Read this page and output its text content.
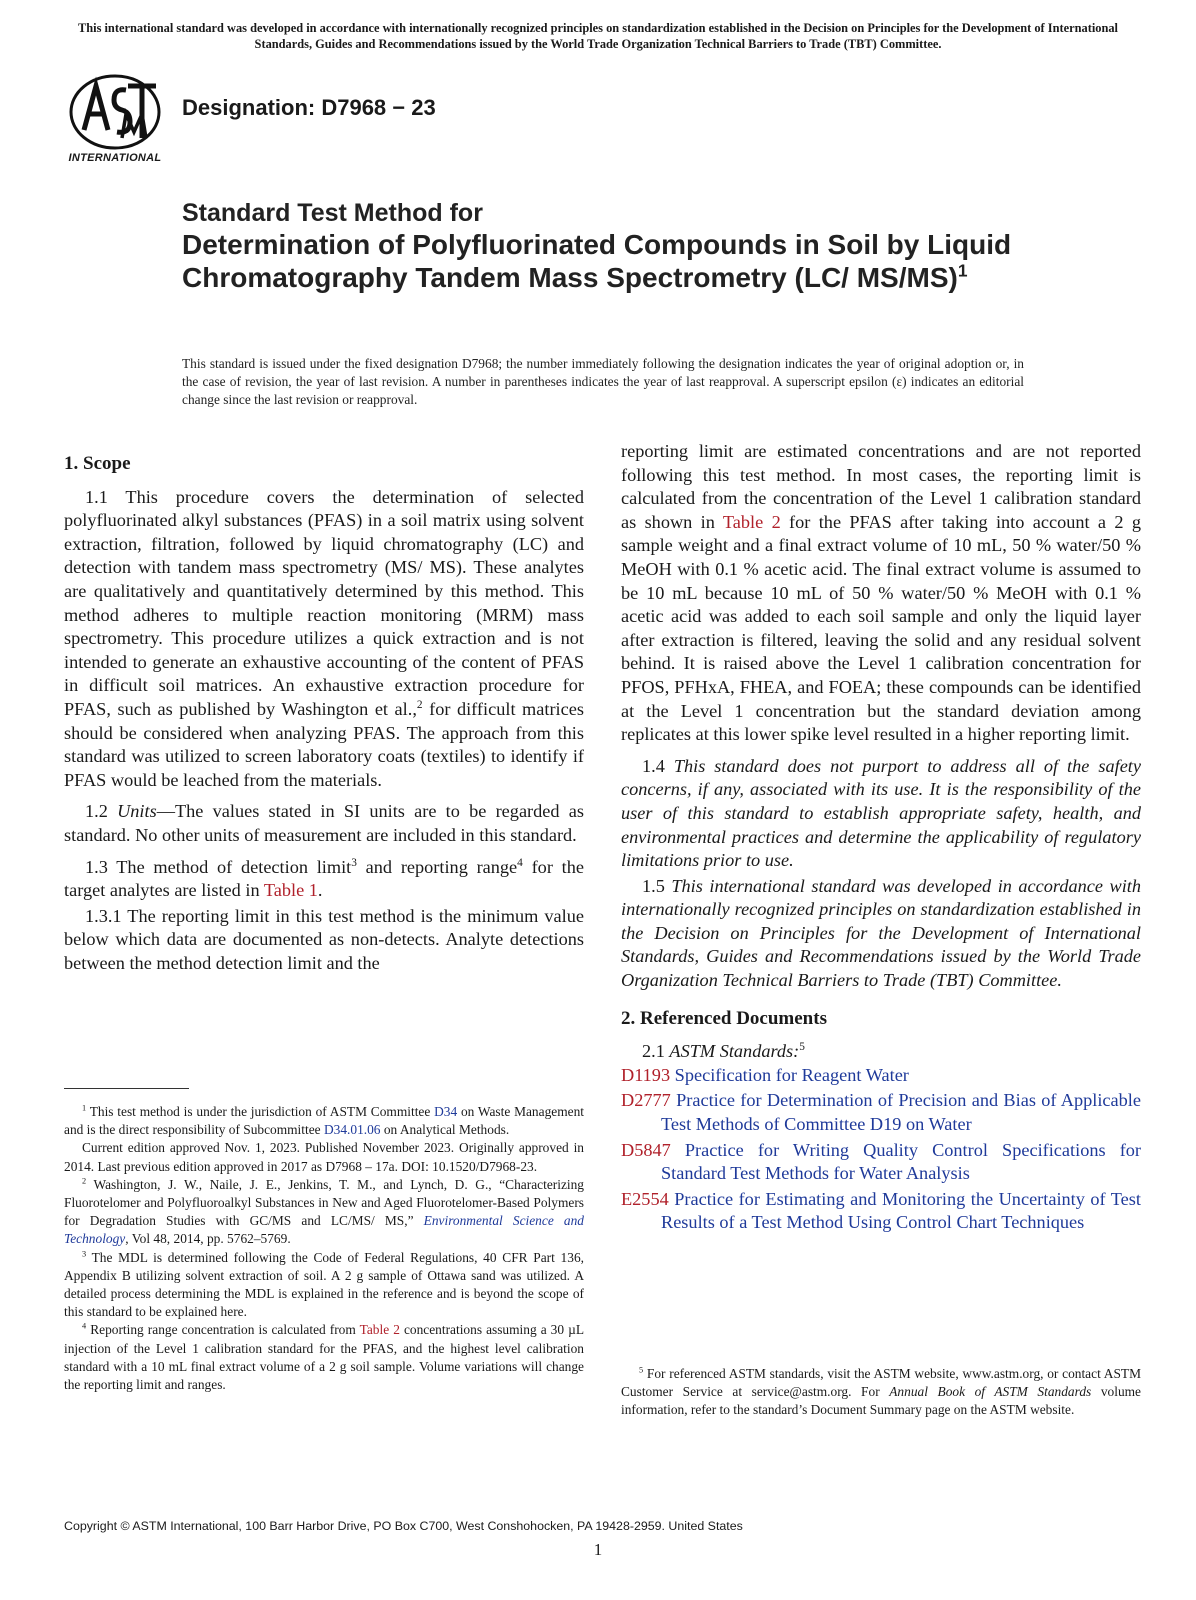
This international standard was developed in accordance with internationally recognized principles on standardization established in the Decision on Principles for the Development of International Standards, Guides and Recommendations issued by the World Trade Organization Technical Barriers to Trade (TBT) Committee.
INTERNATIONAL
Designation: D7968 − 23
Standard Test Method for
Determination of Polyfluorinated Compounds in Soil by Liquid Chromatography Tandem Mass Spectrometry (LC/ MS/MS)$^1$
This standard is issued under the fixed designation D7968; the number immediately following the designation indicates the year of original adoption or, in the case of revision, the year of last revision. A number in parentheses indicates the year of last reapproval. A superscript epsilon (ε) indicates an editorial change since the last revision or reapproval.

1. Scope

1.1 This procedure covers the determination of selected polyfluorinated alkyl substances (PFAS) in a soil matrix using solvent extraction, filtration, followed by liquid chromatography (LC) and detection with tandem mass spectrometry (MS/ MS). These analytes are qualitatively and quantitatively determined by this method. This method adheres to multiple reaction monitoring (MRM) mass spectrometry. This procedure utilizes a quick extraction and is not intended to generate an exhaustive accounting of the content of PFAS in difficult soil matrices. An exhaustive extraction procedure for PFAS, such as published by Washington et al.,$^2$ for difficult matrices should be considered when analyzing PFAS. The approach from this standard was utilized to screen laboratory coats (textiles) to identify if PFAS would be leached from the materials.

1.2 Units—The values stated in SI units are to be regarded as standard. No other units of measurement are included in this standard.

1.3 The method of detection limit$^3$ and reporting range$^4$ for the target analytes are listed in Table 1.

1.3.1 The reporting limit in this test method is the minimum value below which data are documented as non-detects. Analyte detections between the method detection limit and the

reporting limit are estimated concentrations and are not reported following this test method. In most cases, the reporting limit is calculated from the concentration of the Level 1 calibration standard as shown in Table 2 for the PFAS after taking into account a 2 g sample weight and a final extract volume of 10 mL, 50 % water/50 % MeOH with 0.1 % acetic acid. The final extract volume is assumed to be 10 mL because 10 mL of 50 % water/50 % MeOH with 0.1 % acetic acid was added to each soil sample and only the liquid layer after extraction is filtered, leaving the solid and any residual solvent behind. It is raised above the Level 1 calibration concentration for PFOS, PFHxA, FHEA, and FOEA; these compounds can be identified at the Level 1 concentration but the standard deviation among replicates at this lower spike level resulted in a higher reporting limit.

1.4 This standard does not purport to address all of the safety concerns, if any, associated with its use. It is the responsibility of the user of this standard to establish appropriate safety, health, and environmental practices and determine the applicability of regulatory limitations prior to use.

1.5 This international standard was developed in accordance with internationally recognized principles on standardization established in the Decision on Principles for the Development of International Standards, Guides and Recommendations issued by the World Trade Organization Technical Barriers to Trade (TBT) Committee.

2. Referenced Documents

2.1 ASTM Standards:$^5$

D1193 Specification for Reagent Water
D2777 Practice for Determination of Precision and Bias of Applicable Test Methods of Committee D19 on Water
D5847 Practice for Writing Quality Control Specifications for Standard Test Methods for Water Analysis
E2554 Practice for Estimating and Monitoring the Uncertainty of Test Results of a Test Method Using Control Chart Techniques

$^1$ This test method is under the jurisdiction of ASTM Committee D34 on Waste Management and is the direct responsibility of Subcommittee D34.01.06 on Analytical Methods.

Current edition approved Nov. 1, 2023. Published November 2023. Originally approved in 2014. Last previous edition approved in 2017 as D7968 – 17a. DOI: 10.1520/D7968-23.

$^2$ Washington, J. W., Naile, J. E., Jenkins, T. M., and Lynch, D. G., “Characterizing Fluorotelomer and Polyfluoroalkyl Substances in New and Aged Fluorotelomer-Based Polymers for Degradation Studies with GC/MS and LC/MS/ MS,” Environmental Science and Technology, Vol 48, 2014, pp. 5762–5769.

$^3$ The MDL is determined following the Code of Federal Regulations, 40 CFR Part 136, Appendix B utilizing solvent extraction of soil. A 2 g sample of Ottawa sand was utilized. A detailed process determining the MDL is explained in the reference and is beyond the scope of this standard to be explained here.

$^4$ Reporting range concentration is calculated from Table 2 concentrations assuming a 30 µL injection of the Level 1 calibration standard for the PFAS, and the highest level calibration standard with a 10 mL final extract volume of a 2 g soil sample. Volume variations will change the reporting limit and ranges.

$^5$ For referenced ASTM standards, visit the ASTM website, www.astm.org, or contact ASTM Customer Service at service@astm.org. For Annual Book of ASTM Standards volume information, refer to the standard’s Document Summary page on the ASTM website.

Copyright © ASTM International, 100 Barr Harbor Drive, PO Box C700, West Conshohocken, PA 19428-2959. United States
1
